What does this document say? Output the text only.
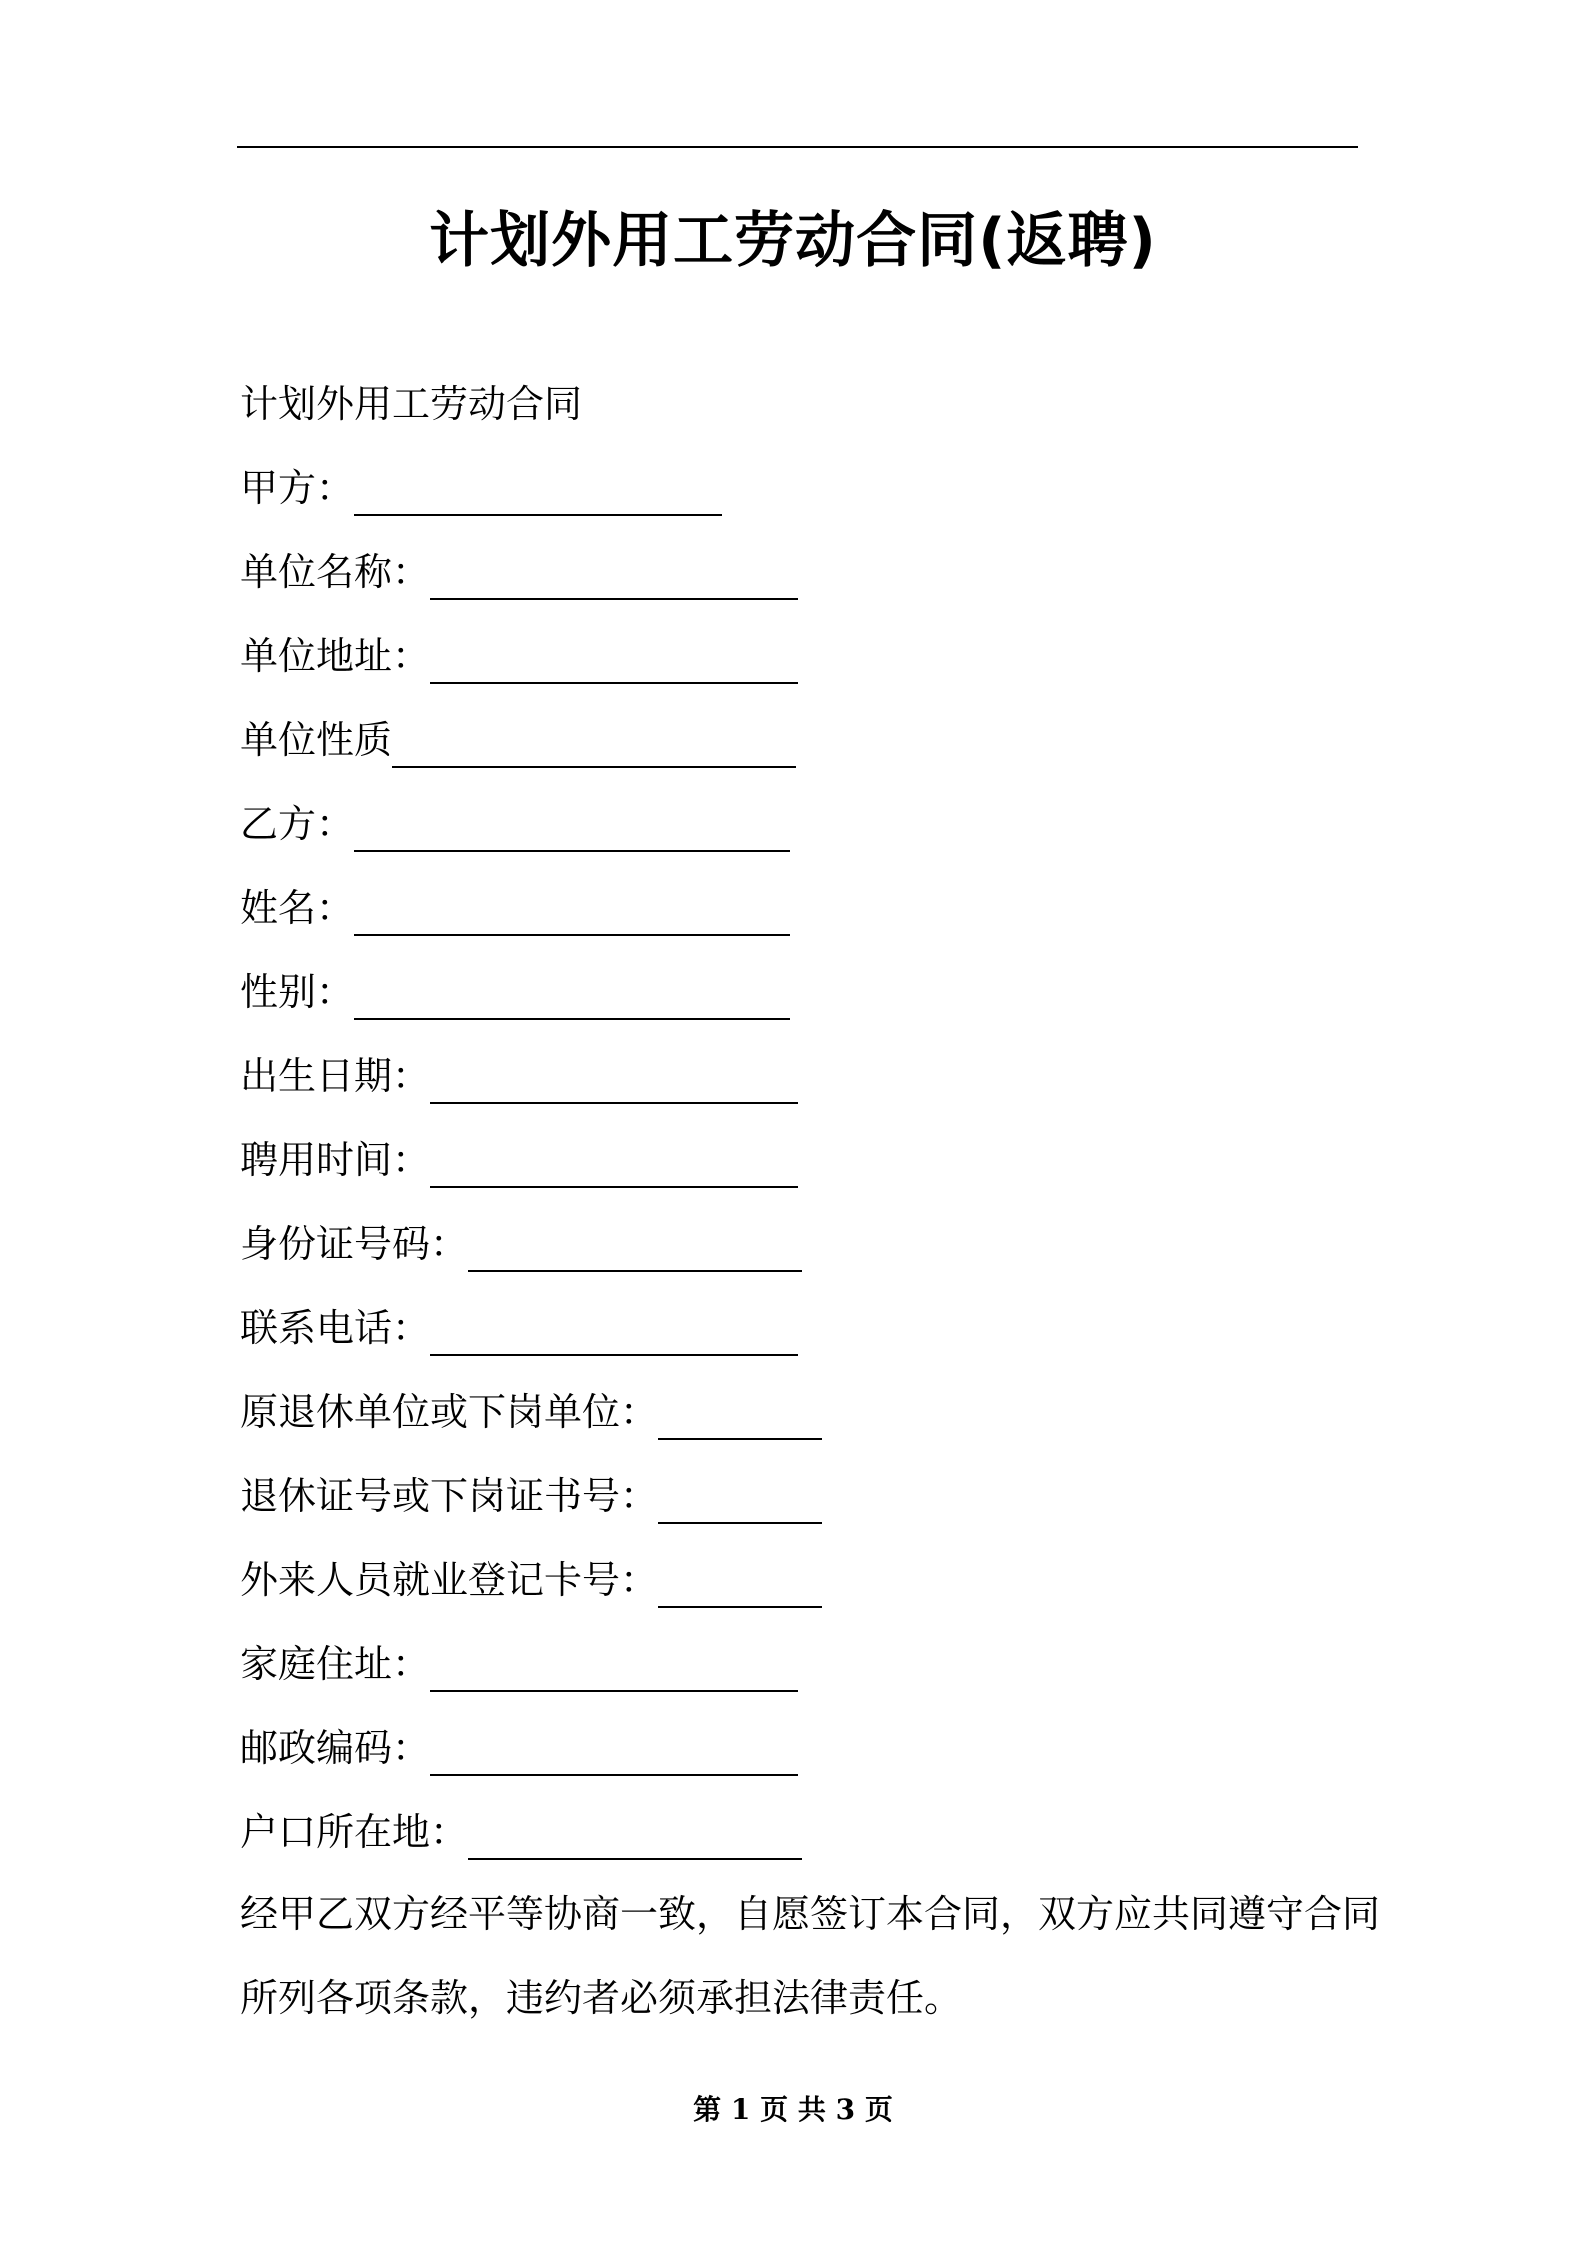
计划外用工劳动合同(返聘)
计划外用工劳动合同
甲方：
单位名称：
单位地址：
单位性质
乙方：
姓名：
性别：
出生日期：
聘用时间：
身份证号码：
联系电话：
原退休单位或下岗单位：
退休证号或下岗证书号：
外来人员就业登记卡号：
家庭住址：
邮政编码：
户口所在地：
经甲乙双方经平等协商一致，自愿签订本合同，双方应共同遵守合同
所列各项条款，违约者必须承担法律责任。
第 1 页 共 3 页
